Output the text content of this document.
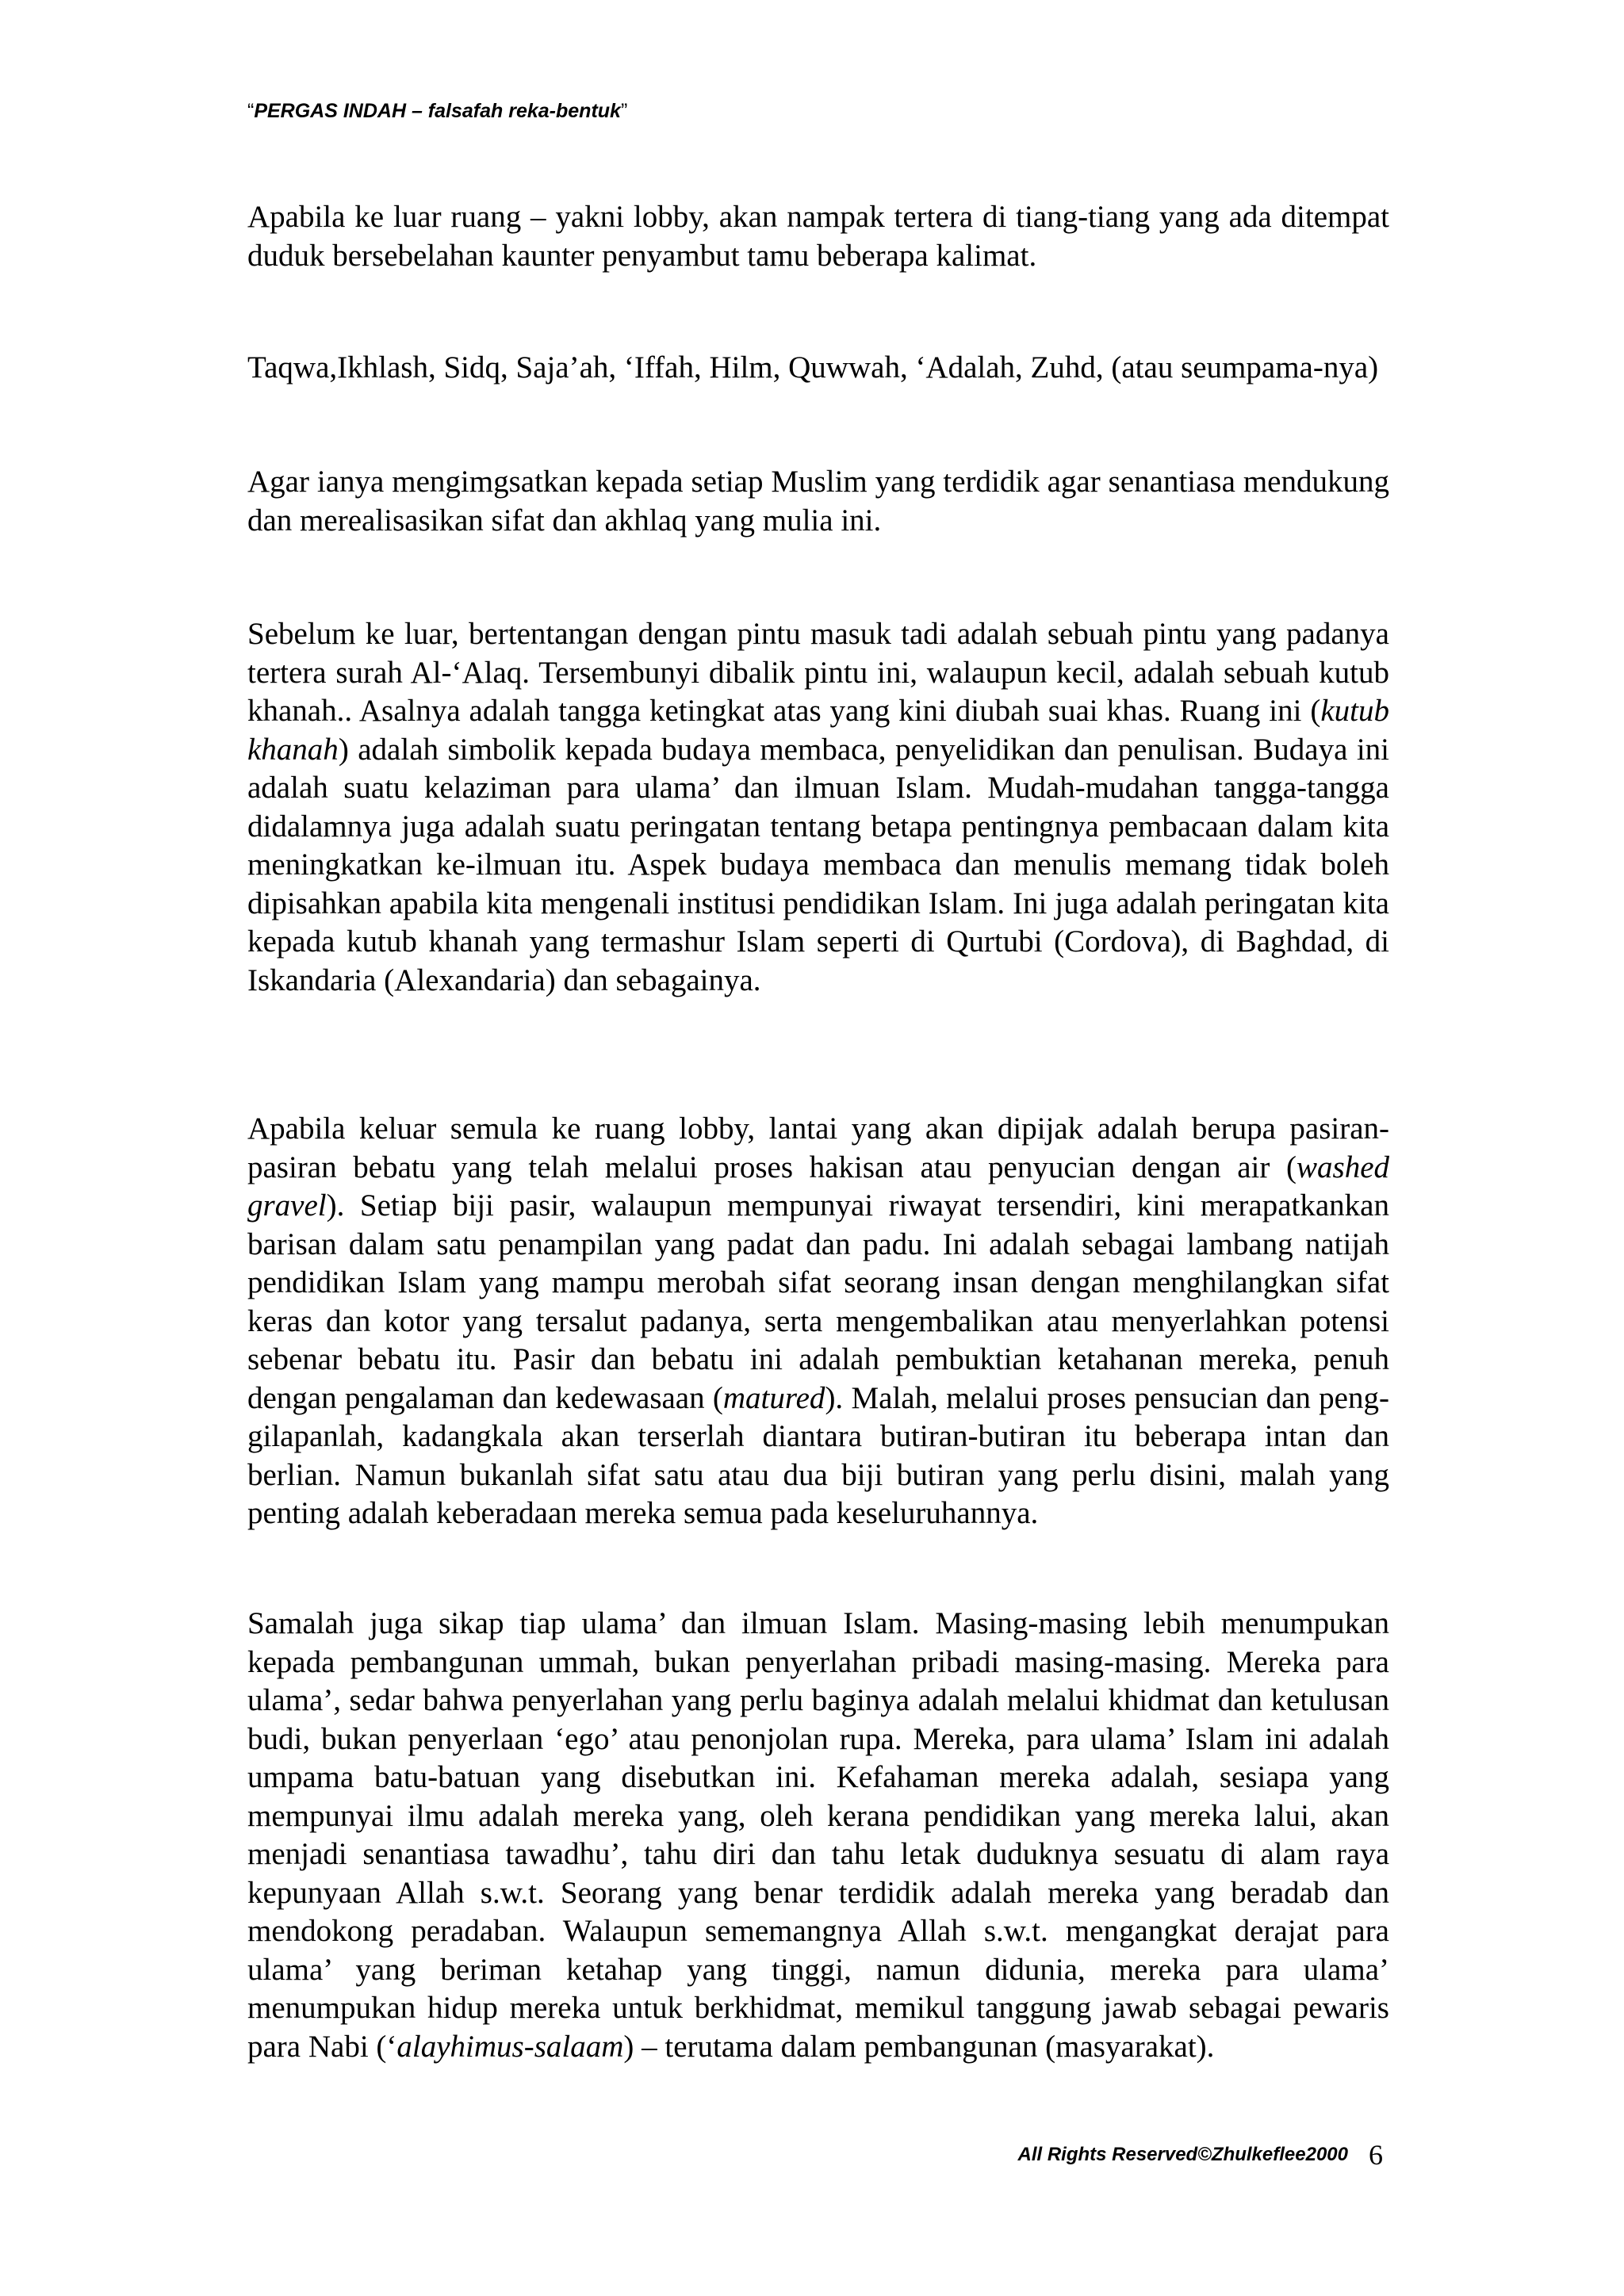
“PERGAS INDAH – falsafah reka-bentuk”

Apabila ke luar ruang – yakni lobby, akan nampak tertera di tiang-tiang yang ada ditempat duduk bersebelahan kaunter penyambut tamu beberapa kalimat.

Taqwa,Ikhlash, Sidq, Saja’ah, ‘Iffah, Hilm, Quwwah, ‘Adalah, Zuhd, (atau seumpama-nya)

Agar ianya mengimgsatkan kepada setiap Muslim yang terdidik agar senantiasa mendukung dan merealisasikan sifat dan akhlaq yang mulia ini.

Sebelum ke luar, bertentangan dengan pintu masuk tadi adalah sebuah pintu yang padanya tertera surah Al-‘Alaq. Tersembunyi dibalik pintu ini, walaupun kecil, adalah sebuah kutub khanah.. Asalnya adalah tangga ketingkat atas yang kini diubah suai khas. Ruang ini (kutub khanah) adalah simbolik kepada budaya membaca, penyelidikan dan penulisan. Budaya ini adalah suatu kelaziman para ulama’ dan ilmuan Islam. Mudah-mudahan tangga-tangga didalamnya juga adalah suatu peringatan tentang betapa pentingnya pembacaan dalam kita meningkatkan ke-ilmuan itu. Aspek budaya membaca dan menulis memang tidak boleh dipisahkan apabila kita mengenali institusi pendidikan Islam. Ini juga adalah peringatan kita kepada kutub khanah yang termashur Islam seperti di Qurtubi (Cordova), di Baghdad, di Iskandaria (Alexandaria) dan sebagainya.

Apabila keluar semula ke ruang lobby, lantai yang akan dipijak adalah berupa pasiran-pasiran bebatu yang telah melalui proses hakisan atau penyucian dengan air (washed gravel). Setiap biji pasir, walaupun mempunyai riwayat tersendiri, kini merapatkankan barisan dalam satu penampilan yang padat dan padu. Ini adalah sebagai lambang natijah pendidikan Islam yang mampu merobah sifat seorang insan dengan menghilangkan sifat keras dan kotor yang tersalut padanya, serta mengembalikan atau menyerlahkan potensi sebenar bebatu itu. Pasir dan bebatu ini adalah pembuktian ketahanan mereka, penuh dengan pengalaman dan kedewasaan (matured). Malah, melalui proses pensucian dan peng-gilapanlah, kadangkala akan terserlah diantara butiran-butiran itu beberapa intan dan berlian. Namun bukanlah sifat satu atau dua biji butiran yang perlu disini, malah yang penting adalah keberadaan mereka semua pada keseluruhannya.

Samalah juga sikap tiap ulama’ dan ilmuan Islam. Masing-masing lebih menumpukan kepada pembangunan ummah, bukan penyerlahan pribadi masing-masing. Mereka para ulama’, sedar bahwa penyerlahan yang perlu baginya adalah melalui khidmat dan ketulusan budi, bukan penyerlaan ‘ego’ atau penonjolan rupa. Mereka, para ulama’ Islam ini adalah umpama batu-batuan yang disebutkan ini. Kefahaman mereka adalah, sesiapa yang mempunyai ilmu adalah mereka yang, oleh kerana pendidikan yang mereka lalui, akan menjadi senantiasa tawadhu’, tahu diri dan tahu letak duduknya sesuatu di alam raya kepunyaan Allah s.w.t. Seorang yang benar terdidik adalah mereka yang beradab dan mendokong peradaban. Walaupun sememangnya Allah s.w.t. mengangkat derajat para ulama’ yang beriman ketahap yang tinggi, namun didunia, mereka para ulama’ menumpukan hidup mereka untuk berkhidmat, memikul tanggung jawab sebagai pewaris para Nabi (‘alayhimus-salaam) – terutama dalam pembangunan (masyarakat).

All Rights Reserved©Zhulkeflee2000 6
